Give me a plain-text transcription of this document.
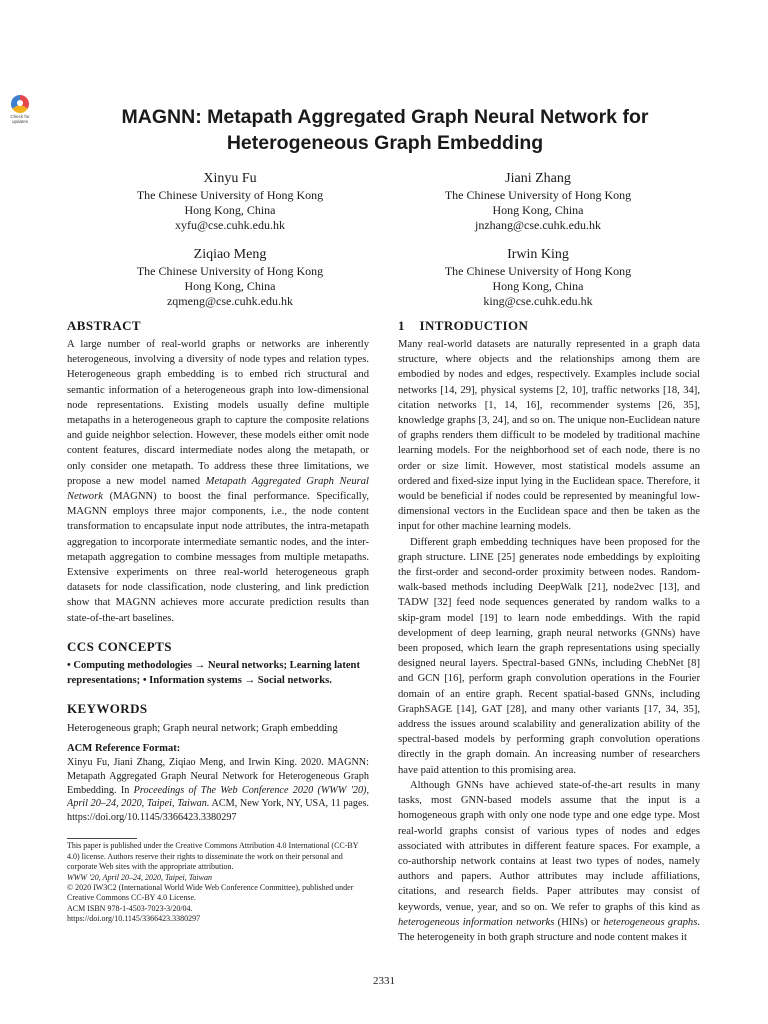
Check for
updates	MAGNN: Metapath Aggregated Graph Neural Network for
Heterogeneous Graph Embedding
Xinyu Fu
The Chinese University of Hong Kong
Hong Kong, China
xyfu@cse.cuhk.edu.hk
Jiani Zhang
The Chinese University of Hong Kong
Hong Kong, China
jnzhang@cse.cuhk.edu.hk
Ziqiao Meng
The Chinese University of Hong Kong
Hong Kong, China
zqmeng@cse.cuhk.edu.hk
Irwin King
The Chinese University of Hong Kong
Hong Kong, China
king@cse.cuhk.edu.hk
ABSTRACT

A large number of real-world graphs or networks are inherently heterogeneous, involving a diversity of node types and relation types. Heterogeneous graph embedding is to embed rich structural and semantic information of a heterogeneous graph into low-dimensional node representations. Existing models usually define multiple metapaths in a heterogeneous graph to capture the composite relations and guide neighbor selection. However, these models either omit node content features, discard intermediate nodes along the metapath, or only consider one metapath. To address these three limitations, we propose a new model named Metapath Aggregated Graph Neural Network (MAGNN) to boost the final performance. Specifically, MAGNN employs three major components, i.e., the node content transformation to encapsulate input node attributes, the intra-metapath aggregation to incorporate intermediate semantic nodes, and the inter-metapath aggregation to combine messages from multiple metapaths. Extensive experiments on three real-world heterogeneous graph datasets for node classification, node clustering, and link prediction show that MAGNN achieves more accurate prediction results than state-of-the-art baselines.

CCS CONCEPTS

• Computing methodologies → Neural networks; Learning latent representations; • Information systems → Social networks.

KEYWORDS

Heterogeneous graph; Graph neural network; Graph embedding

ACM Reference Format:

Xinyu Fu, Jiani Zhang, Ziqiao Meng, and Irwin King. 2020. MAGNN: Metapath Aggregated Graph Neural Network for Heterogeneous Graph Embedding. In Proceedings of The Web Conference 2020 (WWW '20), April 20–24, 2020, Taipei, Taiwan. ACM, New York, NY, USA, 11 pages. https://doi.org/10.1145/3366423.3380297

This paper is published under the Creative Commons Attribution 4.0 International (CC-BY 4.0) license. Authors reserve their rights to disseminate the work on their personal and corporate Web sites with the appropriate attribution.

WWW '20, April 20–24, 2020, Taipei, Taiwan

© 2020 IW3C2 (International World Wide Web Conference Committee), published under Creative Commons CC-BY 4.0 License.

ACM ISBN 978-1-4503-7023-3/20/04.

https://doi.org/10.1145/3366423.3380297

1    INTRODUCTION

Many real-world datasets are naturally represented in a graph data structure, where objects and the relationships among them are embodied by nodes and edges, respectively. Examples include social networks [14, 29], physical systems [2, 10], traffic networks [18, 34], citation networks [1, 14, 16], recommender systems [26, 35], knowledge graphs [3, 24], and so on. The unique non-Euclidean nature of graphs renders them difficult to be modeled by traditional machine learning models. For the neighborhood set of each node, there is no order or size limit. However, most statistical models assume an ordered and fixed-size input lying in the Euclidean space. Therefore, it would be beneficial if nodes could be represented by meaningful low-dimensional vectors in the Euclidean space and then be taken as the input for other machine learning models.

Different graph embedding techniques have been proposed for the graph structure. LINE [25] generates node embeddings by exploiting the first-order and second-order proximity between nodes. Random-walk-based methods including DeepWalk [21], node2vec [13], and TADW [32] feed node sequences generated by random walks to a skip-gram model [19] to learn node embeddings. With the rapid development of deep learning, graph neural networks (GNNs) have been proposed, which learn the graph representations using specially designed neural layers. Spectral-based GNNs, including ChebNet [8] and GCN [16], perform graph convolution operations in the Fourier domain of an entire graph. Recent spatial-based GNNs, including GraphSAGE [14], GAT [28], and many other variants [17, 34, 35], address the issues around scalability and generalization ability of the spectral-based models by performing graph convolution operations directly in the graph domain. An increasing number of researchers have paid attention to this promising area.

Although GNNs have achieved state-of-the-art results in many tasks, most GNN-based models assume that the input is a homogeneous graph with only one node type and one edge type. Most real-world graphs consist of various types of nodes and edges associated with attributes in different feature spaces. For example, a co-authorship network contains at least two types of nodes, namely authors and papers. Author attributes may include affiliations, citations, and research fields. Paper attributes may consist of keywords, venue, year, and so on. We refer to graphs of this kind as heterogeneous information networks (HINs) or heterogeneous graphs. The heterogeneity in both graph structure and node content makes it

2331
